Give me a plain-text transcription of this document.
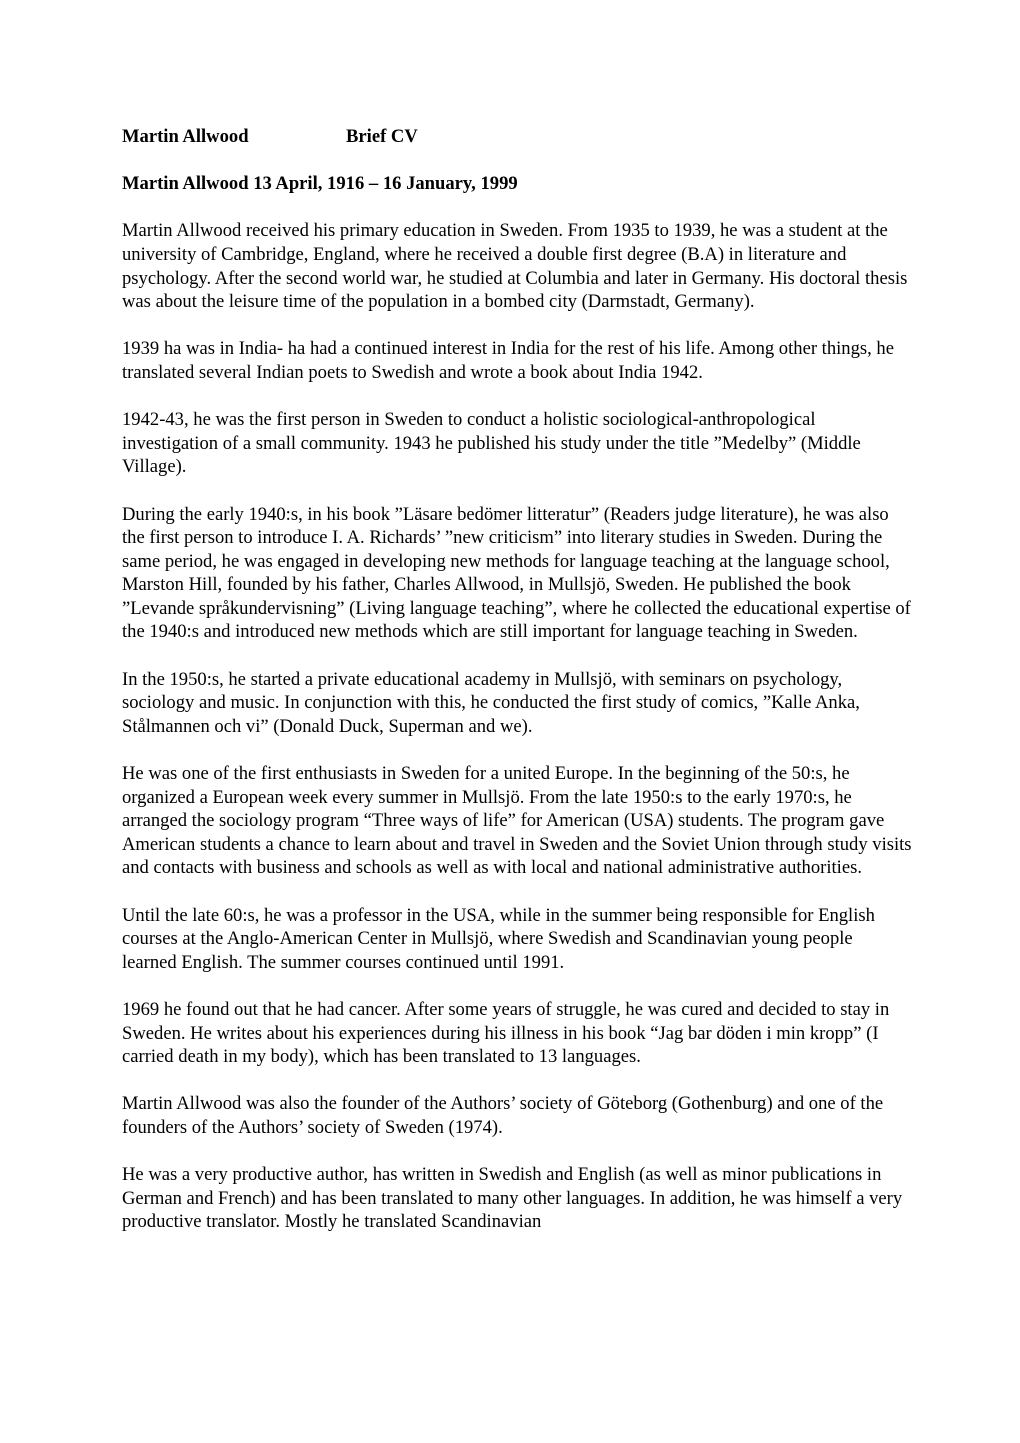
Martin Allwood	Brief CV
Martin Allwood 13 April, 1916 – 16 January, 1999

Martin Allwood received his primary education in Sweden. From 1935 to 1939, he was a student at the university of Cambridge, England, where he received a double first degree (B.A) in literature and psychology. After the second world war, he studied at Columbia and later in Germany. His doctoral thesis was about the leisure time of the population in a bombed city (Darmstadt, Germany).

1939 ha was in India- ha had a continued interest in India for the rest of his life. Among other things, he translated several Indian poets to Swedish and wrote a book about India 1942.

1942-43, he was the first person in Sweden to conduct a holistic sociological-anthropological investigation of a small community. 1943 he published his study under the title ”Medelby” (Middle Village).

During the early 1940:s, in his book ”Läsare bedömer litteratur” (Readers judge literature), he was also the first person to introduce I. A. Richards’ ”new criticism” into literary studies in Sweden. During the same period, he was engaged in developing new methods for language teaching at the language school, Marston Hill, founded by his father, Charles Allwood, in Mullsjö, Sweden. He published the book ”Levande språkundervisning” (Living language teaching”, where he collected the educational expertise of the 1940:s and introduced new methods which are still important for language teaching in Sweden.

In the 1950:s, he started a private educational academy in Mullsjö, with seminars on psychology, sociology and music. In conjunction with this, he conducted the first study of comics, ”Kalle Anka, Stålmannen och vi” (Donald Duck, Superman and we).

He was one of the first enthusiasts in Sweden for a united Europe. In the beginning of the 50:s, he organized a European week every summer in Mullsjö. From the late 1950:s to the early 1970:s, he arranged the sociology program “Three ways of life” for American (USA) students. The program gave American students a chance to learn about and travel in Sweden and the Soviet Union through study visits and contacts with business and schools as well as with local and national administrative authorities.

Until the late 60:s, he was a professor in the USA, while in the summer being responsible for English courses at the Anglo-American Center in Mullsjö, where Swedish and Scandinavian young people learned English. The summer courses continued until 1991.

1969 he found out that he had cancer. After some years of struggle, he was cured and decided to stay in Sweden. He writes about his experiences during his illness in his book “Jag bar döden i min kropp” (I carried death in my body), which has been translated to 13 languages.

Martin Allwood was also the founder of the Authors’ society of Göteborg (Gothenburg) and one of the founders of the Authors’ society of Sweden (1974).

He was a very productive author, has written in Swedish and English (as well as minor publications in German and French) and has been translated to many other languages. In addition, he was himself a very productive translator. Mostly he translated Scandinavian
